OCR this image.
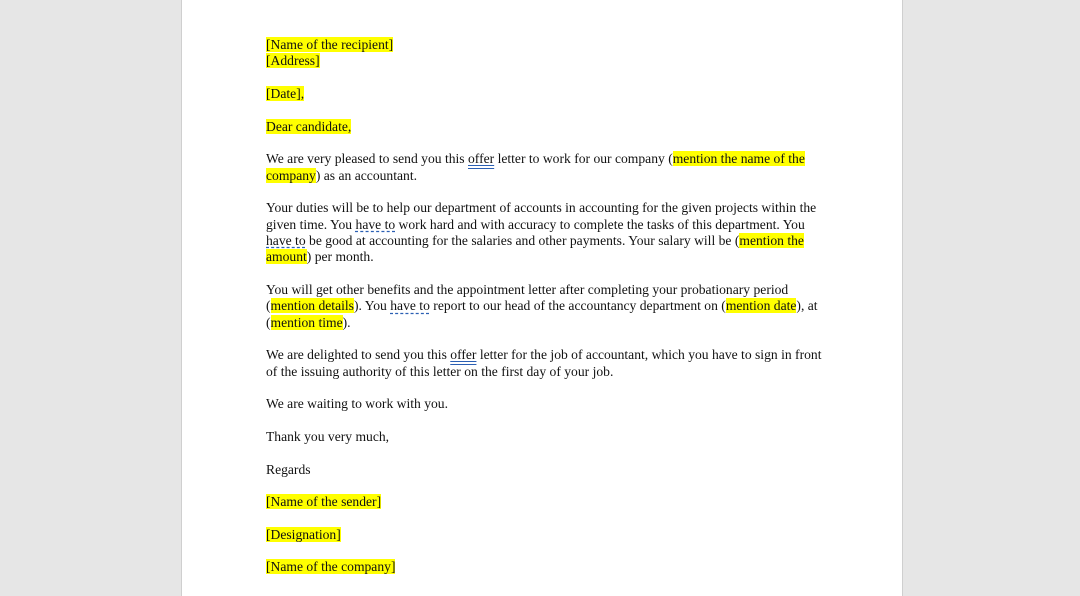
[Name of the recipient]

[Address]

[Date],

Dear candidate,

We are very pleased to send you this offer letter to work for our company (mention the name of the company) as an accountant.

Your duties will be to help our department of accounts in accounting for the given projects within the given time. You have to work hard and with accuracy to complete the tasks of this department. You have to be good at accounting for the salaries and other payments. Your salary will be (mention the amount) per month.

You will get other benefits and the appointment letter after completing your probationary period (mention details). You have to report to our head of the accountancy department on (mention date), at (mention time).

We are delighted to send you this offer letter for the job of accountant, which you have to sign in front of the issuing authority of this letter on the first day of your job.

We are waiting to work with you.

Thank you very much,

Regards

[Name of the sender]

[Designation]

[Name of the company]
